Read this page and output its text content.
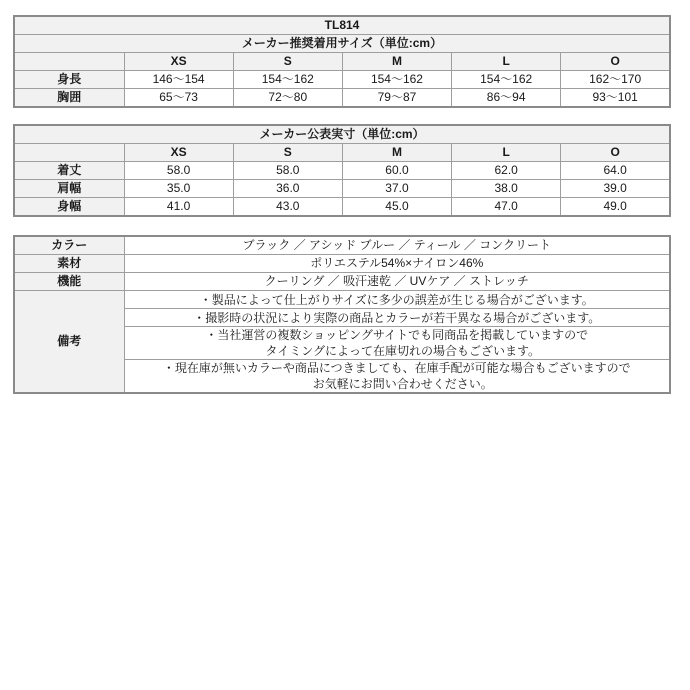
TL814					
メーカー推奨着用サイズ（単位:cm）					
	XS	S	M	L	O
身長	146～154	154～162	154～162	154～162	162～170
胸囲	65～73	72～80	79～87	86～94	93～101
メーカー公表実寸（単位:cm）					
	XS	S	M	L	O
着丈	58.0	58.0	60.0	62.0	64.0
肩幅	35.0	36.0	37.0	38.0	39.0
身幅	41.0	43.0	45.0	47.0	49.0
カラー	ブラック ／ アシッド ブルー ／ ティール ／ コンクリート
素材	ポリエステル54%×ナイロン46%
機能	クーリング ／ 吸汗速乾 ／ UVケア ／ ストレッチ
備考	・製品によって仕上がりサイズに多少の誤差が生じる場合がございます。

	・撮影時の状況により実際の商品とカラーが若干異なる場合がございます。

	・当社運営の複数ショッピングサイトでも同商品を掲載していますので
タイミングによって在庫切れの場合もございます。

	・現在庫が無いカラーや商品につきましても、在庫手配が可能な場合もございますので
お気軽にお問い合わせください。
